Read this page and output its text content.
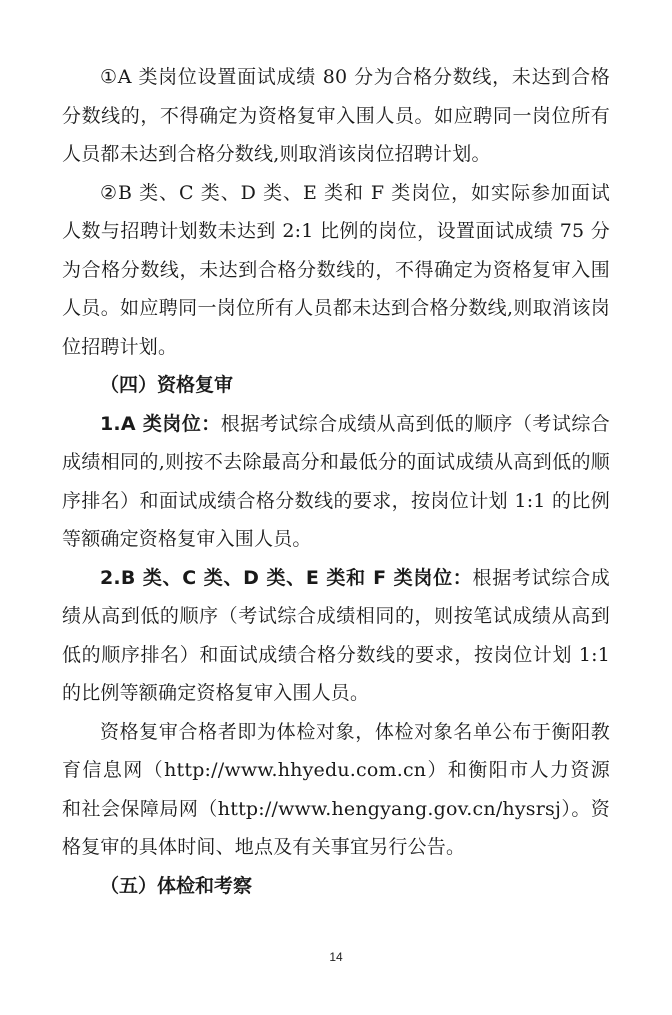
①A 类岗位设置面试成绩 80 分为合格分数线，未达到合格分数线的，不得确定为资格复审入围人员。如应聘同一岗位所有人员都未达到合格分数线,则取消该岗位招聘计划。

②B 类、C 类、D 类、E 类和 F 类岗位，如实际参加面试人数与招聘计划数未达到 2:1 比例的岗位，设置面试成绩 75 分为合格分数线，未达到合格分数线的，不得确定为资格复审入围人员。如应聘同一岗位所有人员都未达到合格分数线,则取消该岗位招聘计划。

（四）资格复审

1.A 类岗位：根据考试综合成绩从高到低的顺序（考试综合成绩相同的,则按不去除最高分和最低分的面试成绩从高到低的顺序排名）和面试成绩合格分数线的要求，按岗位计划 1:1 的比例等额确定资格复审入围人员。

2.B 类、C 类、D 类、E 类和 F 类岗位：根据考试综合成绩从高到低的顺序（考试综合成绩相同的，则按笔试成绩从高到低的顺序排名）和面试成绩合格分数线的要求，按岗位计划 1:1 的比例等额确定资格复审入围人员。

资格复审合格者即为体检对象，体检对象名单公布于衡阳教育信息网（http://www.hhyedu.com.cn）和衡阳市人力资源和社会保障局网（http://www.hengyang.gov.cn/hysrsj）。资格复审的具体时间、地点及有关事宜另行公告。

（五）体检和考察

14
